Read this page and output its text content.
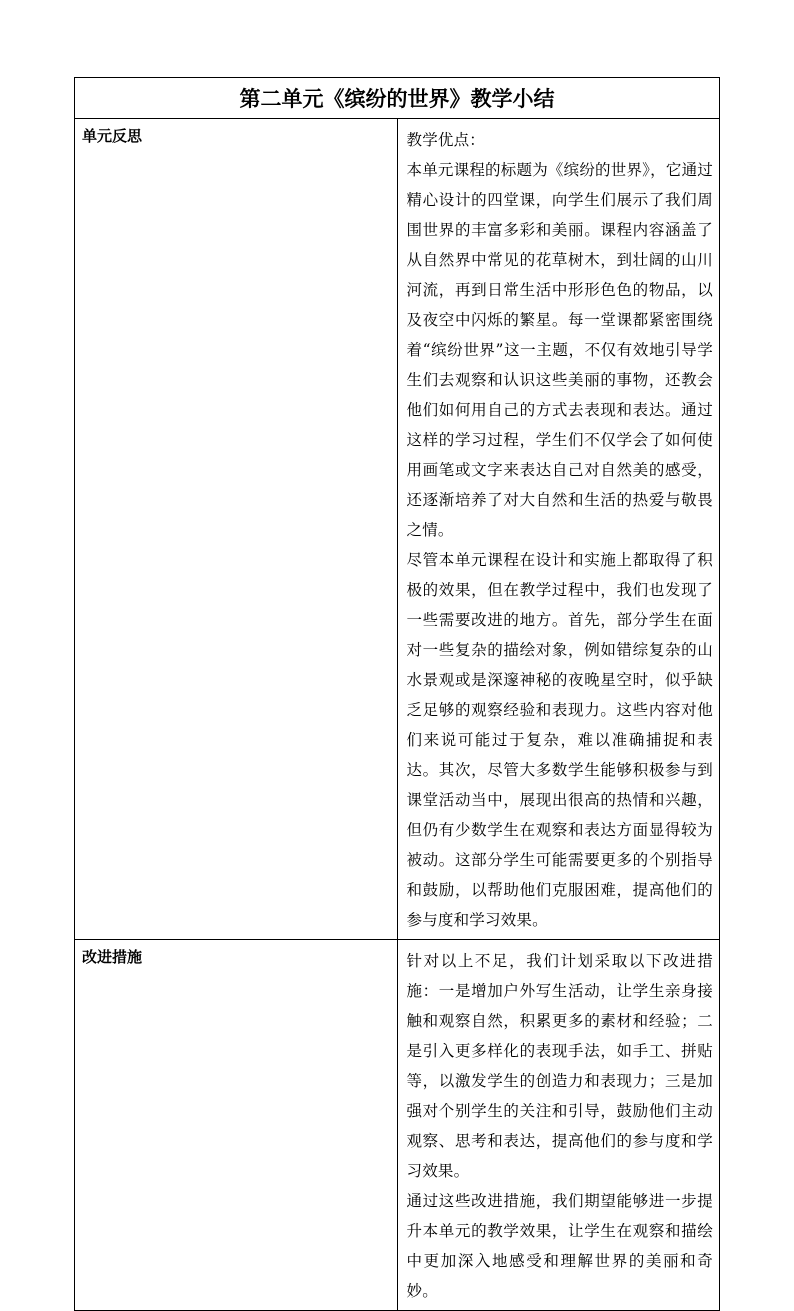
第二单元《缤纷的世界》教学小结	
单元反思	教学优点：

本单元课程的标题为《缤纷的世界》，它通过精心设计的四堂课，向学生们展示了我们周围世界的丰富多彩和美丽。课程内容涵盖了从自然界中常见的花草树木，到壮阔的山川河流，再到日常生活中形形色色的物品，以及夜空中闪烁的繁星。每一堂课都紧密围绕着“缤纷世界”这一主题，不仅有效地引导学生们去观察和认识这些美丽的事物，还教会他们如何用自己的方式去表现和表达。通过这样的学习过程，学生们不仅学会了如何使用画笔或文字来表达自己对自然美的感受，还逐渐培养了对大自然和生活的热爱与敬畏之情。

尽管本单元课程在设计和实施上都取得了积极的效果，但在教学过程中，我们也发现了一些需要改进的地方。首先，部分学生在面对一些复杂的描绘对象，例如错综复杂的山水景观或是深邃神秘的夜晚星空时，似乎缺乏足够的观察经验和表现力。这些内容对他们来说可能过于复杂，难以准确捕捉和表达。其次，尽管大多数学生能够积极参与到课堂活动当中，展现出很高的热情和兴趣，但仍有少数学生在观察和表达方面显得较为被动。这部分学生可能需要更多的个别指导和鼓励，以帮助他们克服困难，提高他们的参与度和学习效果。

改进措施	针对以上不足，我们计划采取以下改进措施：一是增加户外写生活动，让学生亲身接触和观察自然，积累更多的素材和经验；二是引入更多样化的表现手法，如手工、拼贴等，以激发学生的创造力和表现力；三是加强对个别学生的关注和引导，鼓励他们主动观察、思考和表达，提高他们的参与度和学习效果。

通过这些改进措施，我们期望能够进一步提升本单元的教学效果，让学生在观察和描绘中更加深入地感受和理解世界的美丽和奇妙。
